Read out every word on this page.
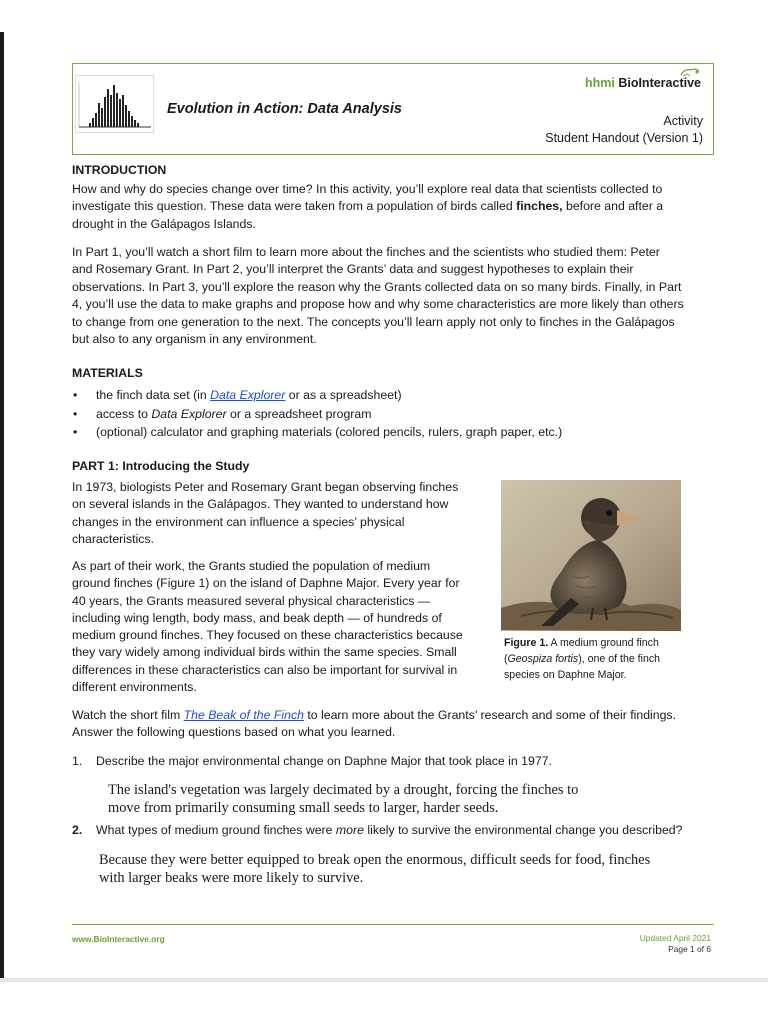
Evolution in Action: Data Analysis
hhmi BioInteractive
Activity
Student Handout (Version 1)
INTRODUCTION
How and why do species change over time? In this activity, you’ll explore real data that scientists collected to
investigate this question. These data were taken from a population of birds called finches, before and after a
drought in the Galápagos Islands.
In Part 1, you’ll watch a short film to learn more about the finches and the scientists who studied them: Peter
and Rosemary Grant. In Part 2, you’ll interpret the Grants’ data and suggest hypotheses to explain their
observations. In Part 3, you’ll explore the reason why the Grants collected data on so many birds. Finally, in Part
4, you’ll use the data to make graphs and propose how and why some characteristics are more likely than others
to change from one generation to the next. The concepts you’ll learn apply not only to finches in the Galápagos
but also to any organism in any environment.
MATERIALS
• the finch data set (in Data Explorer or as a spreadsheet)
• access to Data Explorer or a spreadsheet program
• (optional) calculator and graphing materials (colored pencils, rulers, graph paper, etc.)
PART 1: Introducing the Study
In 1973, biologists Peter and Rosemary Grant began observing finches
on several islands in the Galápagos. They wanted to understand how
changes in the environment can influence a species’ physical
characteristics.
As part of their work, the Grants studied the population of medium
ground finches (Figure 1) on the island of Daphne Major. Every year for
40 years, the Grants measured several physical characteristics —
including wing length, body mass, and beak depth — of hundreds of
medium ground finches. They focused on these characteristics because
they vary widely among individual birds within the same species. Small
differences in these characteristics can also be important for survival in
different environments.
Figure 1. A medium ground finch
(Geospiza fortis), one of the finch
species on Daphne Major.
Watch the short film The Beak of the Finch to learn more about the Grants’ research and some of their findings.
Answer the following questions based on what you learned.
1. Describe the major environmental change on Daphne Major that took place in 1977.
The island's vegetation was largely decimated by a drought, forcing the finches to
move from primarily consuming small seeds to larger, harder seeds.
2. What types of medium ground finches were more likely to survive the environmental change you described?
Because they were better equipped to break open the enormous, difficult seeds for food, finches
with larger beaks were more likely to survive.
www.BioInteractive.org	Updated April 2021
Page 1 of 6
